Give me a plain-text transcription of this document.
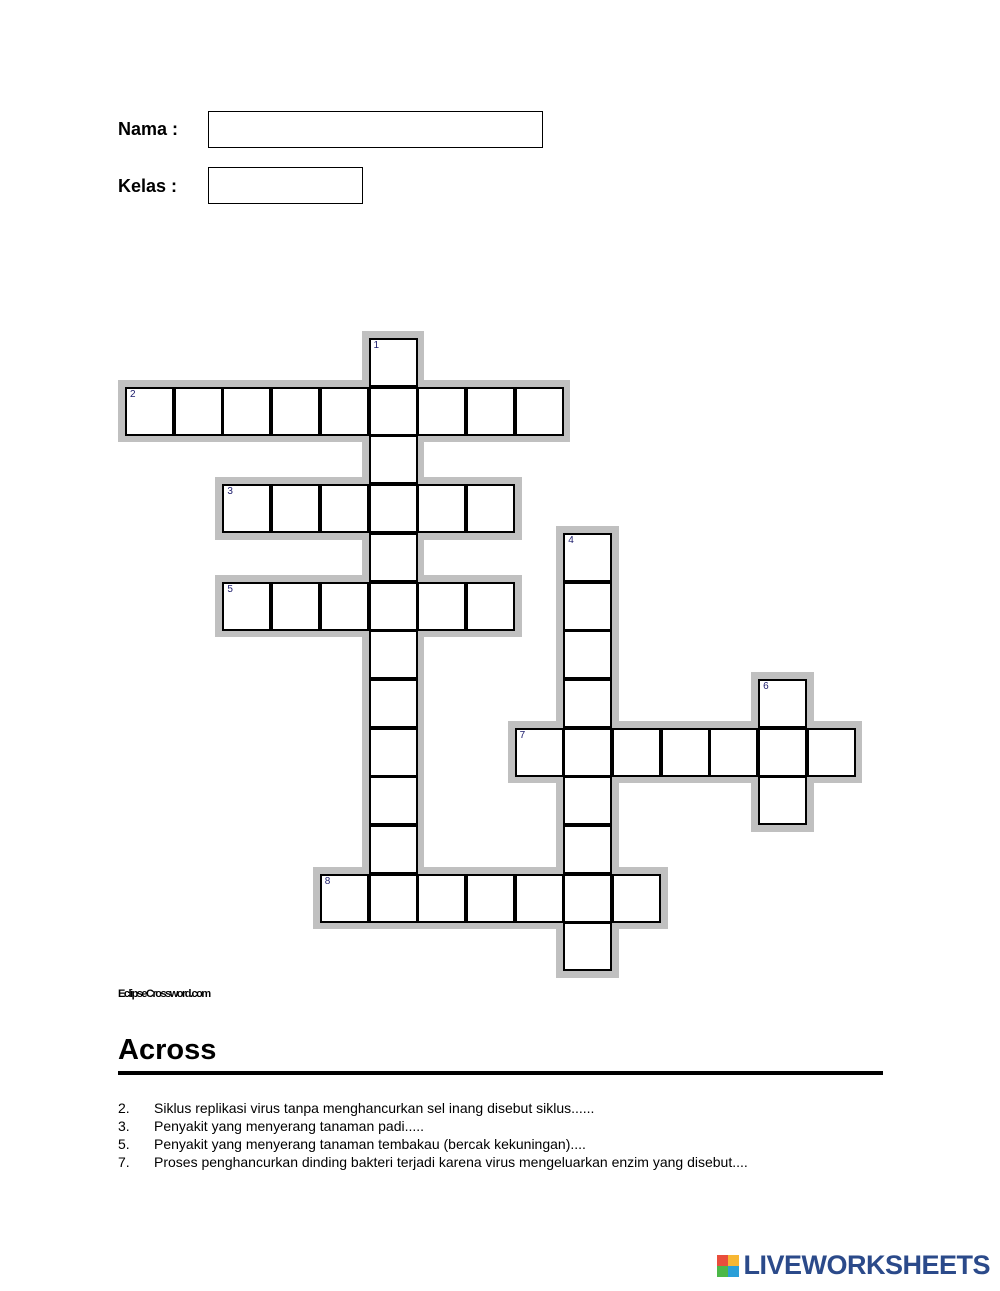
Nama :
Kelas :
1
2
3
4
5
6
7
8
EclipseCrossword.com
Across
2.	Siklus replikasi virus tanpa menghancurkan sel inang disebut siklus......
3.	Penyakit yang menyerang tanaman padi.....
5.	Penyakit yang menyerang tanaman tembakau (bercak kekuningan)....
7.	Proses penghancurkan dinding bakteri terjadi karena virus mengeluarkan enzim yang disebut....
LIVEWORKSHEETS
